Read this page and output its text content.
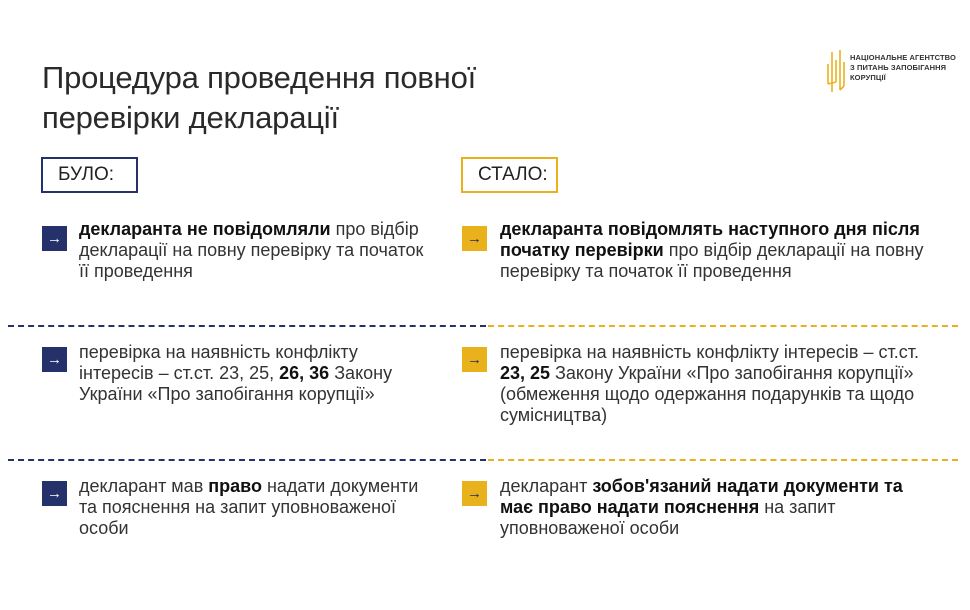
Процедура проведення повної
перевірки декларації
НАЦІОНАЛЬНЕ АГЕНТСТВО
З ПИТАНЬ ЗАПОБІГАННЯ
КОРУПЦІЇ
БУЛО:	СТАЛО:
→ декларанта не повідомляли про відбір декларації на повну перевірку та початок її проведення
→ перевірка на наявність конфлікту інтересів – ст.ст. 23, 25, 26, 36 Закону України «Про запобігання корупції»
→ декларант мав право надати документи та пояснення на запит уповноваженої особи
→ декларанта повідомлять наступного дня після початку перевірки про відбір декларації на повну перевірку та початок її проведення
→ перевірка на наявність конфлікту інтересів – ст.ст. 23, 25 Закону України «Про запобігання корупції» (обмеження щодо одержання подарунків та щодо сумісництва)
→ декларант зобов'язаний надати документи та має право надати пояснення на запит уповноваженої особи
